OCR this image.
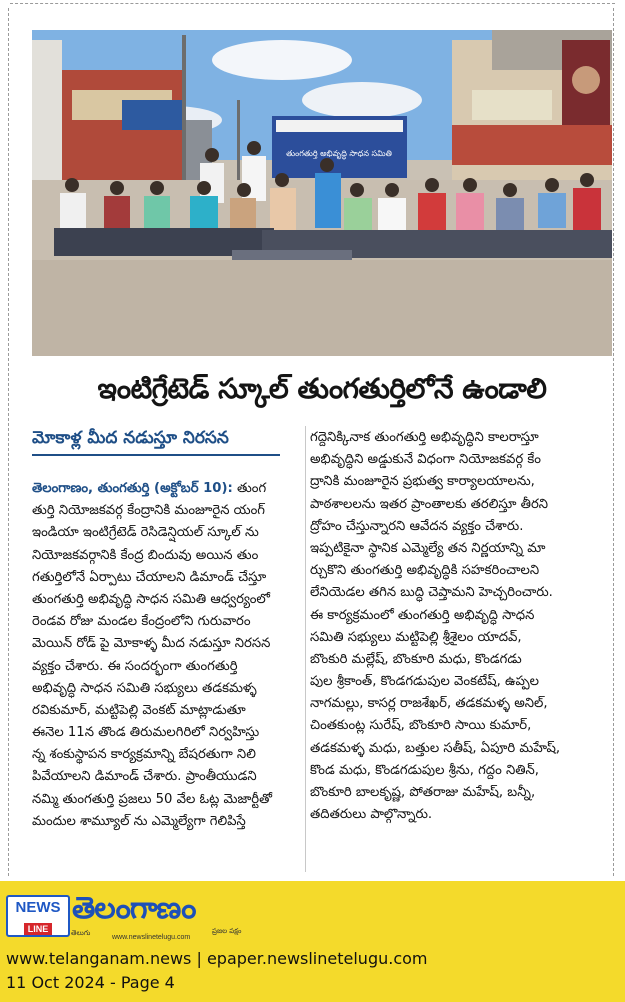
తుంగతుర్తి అభివృద్ధి సాధన సమితి
ఇంటిగ్రేటెడ్ స్కూల్ తుంగతుర్తిలోనే ఉండాలి
మోకాళ్ల మీద నడుస్తూ నిరసన

తెలంగాణం, తుంగతుర్తి (అక్టోబర్ 10): తుంగ

తుర్తి నియోజకవర్గ కేంద్రానికి మంజూరైన యంగ్

ఇండియా ఇంటిగ్రేటెడ్ రెసిడెన్షియల్ స్కూల్ ను

నియోజకవర్గానికి కేంద్ర బిందువు అయిన తుం

గతుర్తిలోనే ఏర్పాటు చేయాలని డిమాండ్ చేస్తూ

తుంగతుర్తి అభివృద్ధి సాధన సమితి ఆధ్వర్యంలో

రెండవ రోజు మండల కేంద్రంలోని గురువారం

మెయిన్ రోడ్ పై మోకాళ్ళ మీద నడుస్తూ నిరసన

వ్యక్తం చేశారు. ఈ సందర్భంగా తుంగతుర్తి

అభివృద్ధి సాధన సమితి సభ్యులు తడకమళ్ళ

రవికుమార్, మట్టిపెల్లి వెంకట్ మాట్లాడుతూ

ఈనెల 11న తొండ తిరుమలగిరిలో నిర్వహిస్తు

న్న శంకుస్థాపన కార్యక్రమాన్ని బేషరతుగా నిలి

పివేయాలని డిమాండ్ చేశారు. ప్రాంతీయుడని

నమ్మి తుంగతుర్తి ప్రజలు 50 వేల ఓట్ల మెజార్టీతో

మందుల శామ్యూల్ ను ఎమ్మెల్యేగా గెలిపిస్తే

గద్దెనిక్కినాక తుంగతుర్తి అభివృద్ధిని కాలరాస్తూ

అభివృద్ధిని అడ్డుకునే విధంగా నియోజకవర్గ కేం

ద్రానికి మంజూరైన ప్రభుత్వ కార్యాలయాలను,

పాఠశాలలను ఇతర ప్రాంతాలకు తరలిస్తూ తీరని

ద్రోహం చేస్తున్నారని ఆవేదన వ్యక్తం చేశారు.

ఇప్పటికైనా స్థానిక ఎమ్మెల్యే తన నిర్ణయాన్ని మా

ర్చుకొని తుంగతుర్తి అభివృద్ధికి సహకరించాలని

లేనియెడల తగిన బుద్ధి చెప్తామని హెచ్చరించారు.

ఈ కార్యక్రమంలో తుంగతుర్తి అభివృద్ధి సాధన

సమితి సభ్యులు మట్టిపెల్లి శ్రీశైలం యాదవ్,

బొంకురి మల్లేష్, బొంకూరి మధు, కొండగడు

పుల శ్రీకాంత్, కొండగడుపుల వెంకటేష్, ఉప్పల

నాగమల్లు, కాసర్ల రాజశేఖర్, తడకమళ్ళ అనిల్,

చింతకుంట్ల సురేష్, బొంకూరి సాయి కుమార్,

తడకమళ్ళ మధు, బత్తుల సతీష్, ఏపూరి మహేష్,

కొండ మధు, కొండగడుపుల శ్రీను, గద్దం నితిన్,

బొంకూరి బాలకృష్ణ, పోతరాజు మహేష్, బన్నీ,

తదితరులు పాల్గొన్నారు.

NEWS
LINE
తెలంగాణం
తెలుగు
www.newslinetelugu.com
ప్రజల పక్షం
www.telanganam.news | epaper.newslinetelugu.com
11 Oct 2024 - Page 4
